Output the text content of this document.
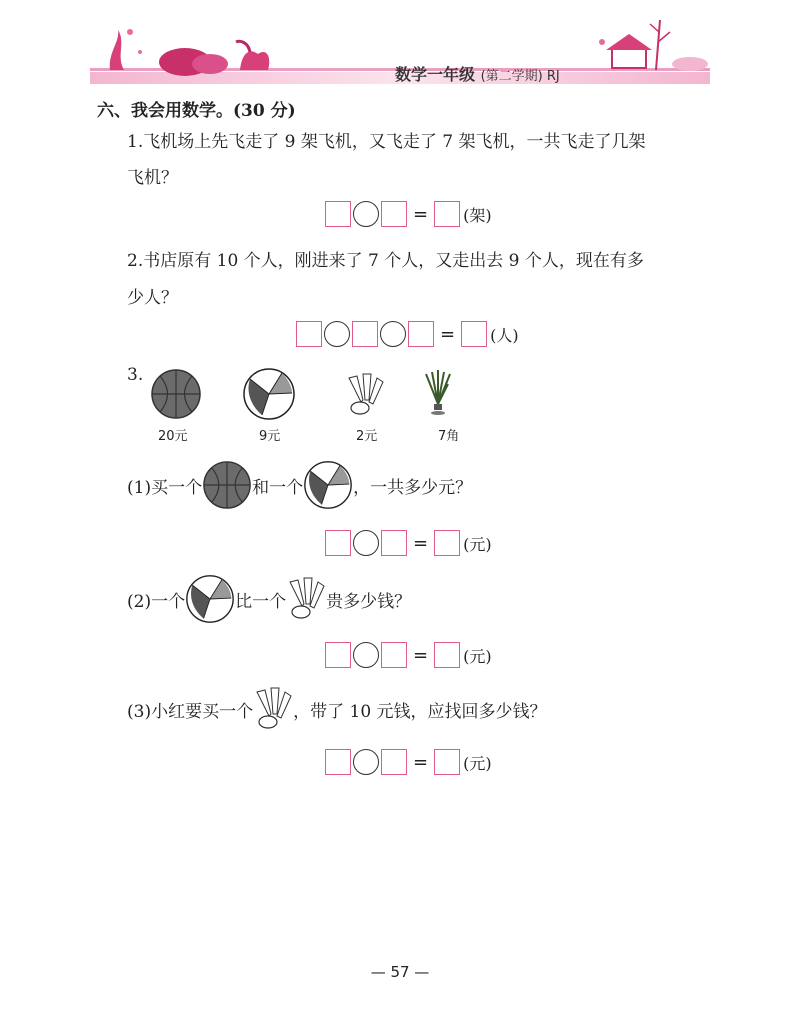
数学一年级 (第二学期) RJ
六、我会用数学。(30 分)
1.飞机场上先飞走了 9 架飞机，又飞走了 7 架飞机，一共飞走了几架
飞机？
= (架)
2.书店原有 10 个人，刚进来了 7 个人，又走出去 9 个人，现在有多
少人？
= (人)
3.
20元	9元	2元	7角
(1)买一个	和一个	，一共多少元？
= (元)
(2)一个	比一个 贵多少钱？
= (元)
(3)小红要买一个 ，带了 10 元钱，应找回多少钱？
= (元)
— 57 —
